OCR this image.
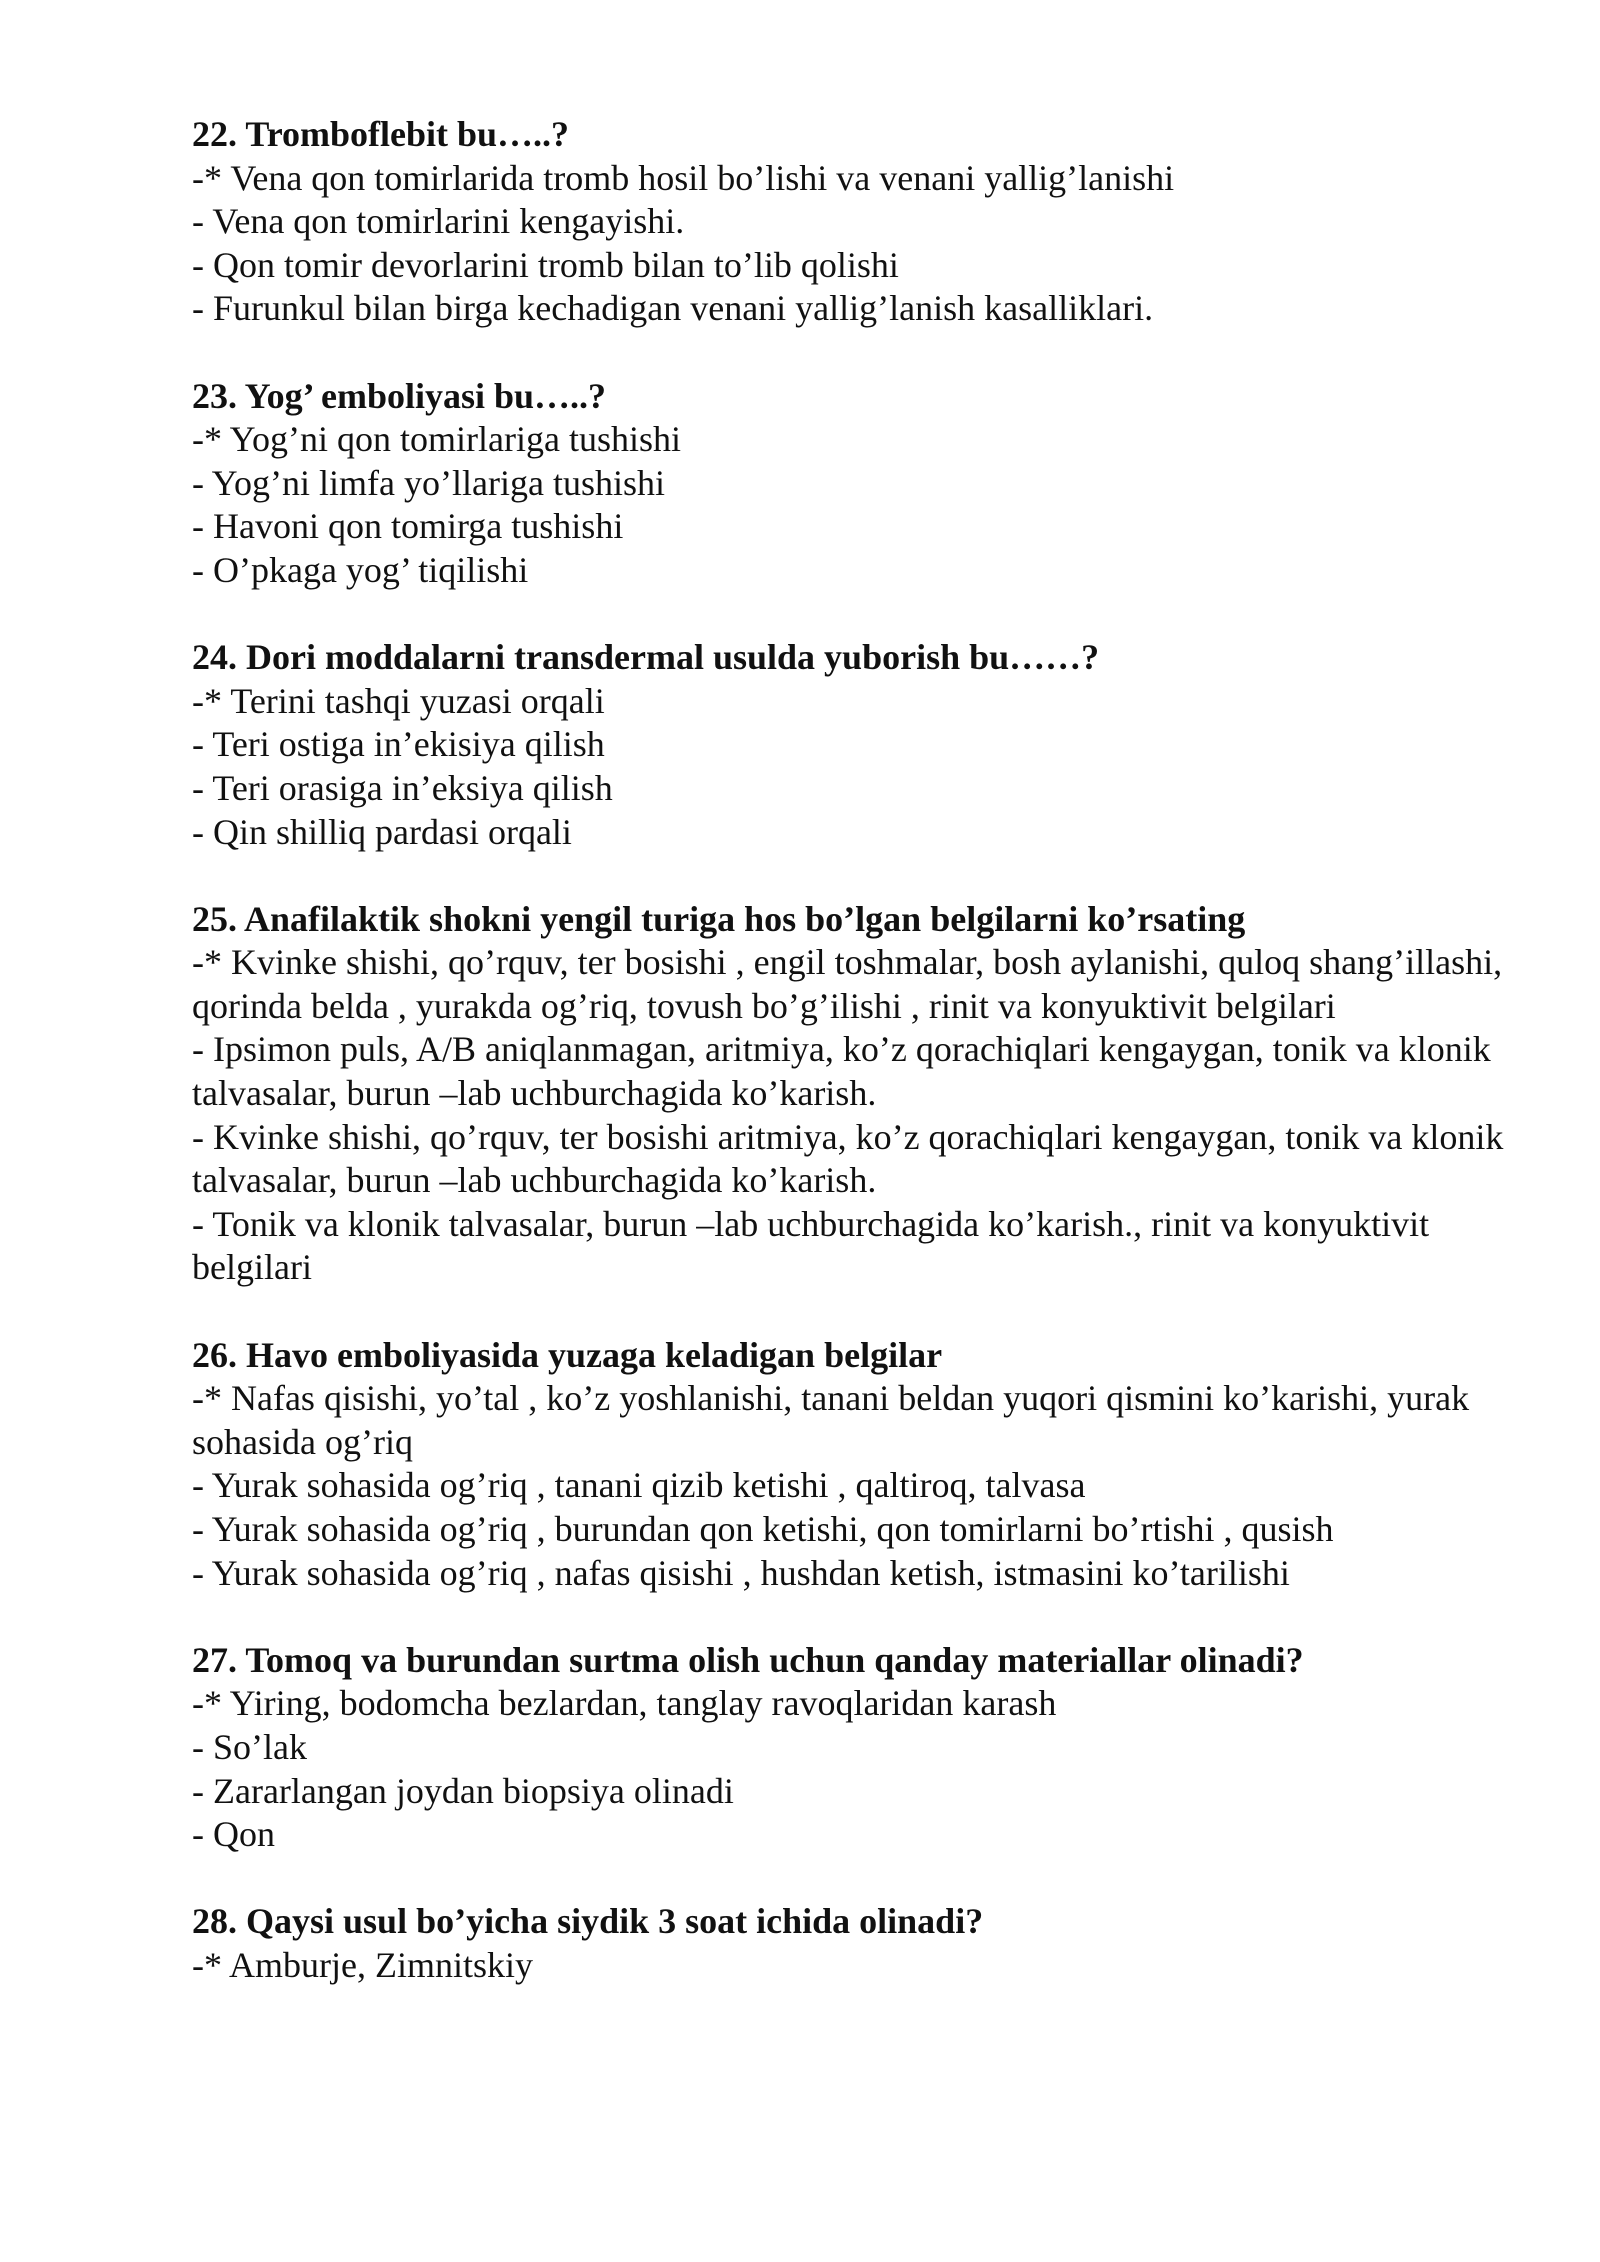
22. Tromboflebit bu…..?

-* Vena qon tomirlarida tromb hosil bo’lishi va venani yallig’lanishi

- Vena qon tomirlarini kengayishi.

- Qon tomir devorlarini tromb bilan to’lib qolishi

- Furunkul bilan birga kechadigan venani yallig’lanish kasalliklari.

23. Yog’ emboliyasi bu…..?

-* Yog’ni qon tomirlariga tushishi

- Yog’ni limfa yo’llariga tushishi

- Havoni qon tomirga tushishi

- O’pkaga yog’ tiqilishi

24. Dori moddalarni transdermal usulda yuborish bu……?

-* Terini tashqi yuzasi orqali

- Teri ostiga in’ekisiya qilish

- Teri orasiga in’eksiya qilish

- Qin shilliq pardasi orqali

25. Anafilaktik shokni yengil turiga hos bo’lgan belgilarni ko’rsating

-* Kvinke shishi, qo’rquv, ter bosishi , engil toshmalar, bosh aylanishi, quloq shang’illashi, qorinda belda , yurakda og’riq, tovush bo’g’ilishi , rinit va konyuktivit belgilari

- Ipsimon puls, A/B aniqlanmagan, aritmiya, ko’z qorachiqlari kengaygan, tonik va klonik talvasalar, burun –lab uchburchagida ko’karish.

- Kvinke shishi, qo’rquv, ter bosishi aritmiya, ko’z qorachiqlari kengaygan, tonik va klonik talvasalar, burun –lab uchburchagida ko’karish.

- Tonik va klonik talvasalar, burun –lab uchburchagida ko’karish., rinit va konyuktivit belgilari

26. Havo emboliyasida yuzaga keladigan belgilar

-* Nafas qisishi, yo’tal , ko’z yoshlanishi, tanani beldan yuqori qismini ko’karishi, yurak sohasida og’riq

- Yurak sohasida og’riq , tanani qizib ketishi , qaltiroq, talvasa

- Yurak sohasida og’riq , burundan qon ketishi, qon tomirlarni bo’rtishi , qusish

- Yurak sohasida og’riq , nafas qisishi , hushdan ketish, istmasini ko’tarilishi

27. Tomoq va burundan surtma olish uchun qanday materiallar olinadi?

-* Yiring, bodomcha bezlardan, tanglay ravoqlaridan karash

- So’lak

- Zararlangan joydan biopsiya olinadi

- Qon

28. Qaysi usul bo’yicha siydik 3 soat ichida olinadi?

-* Amburje, Zimnitskiy
